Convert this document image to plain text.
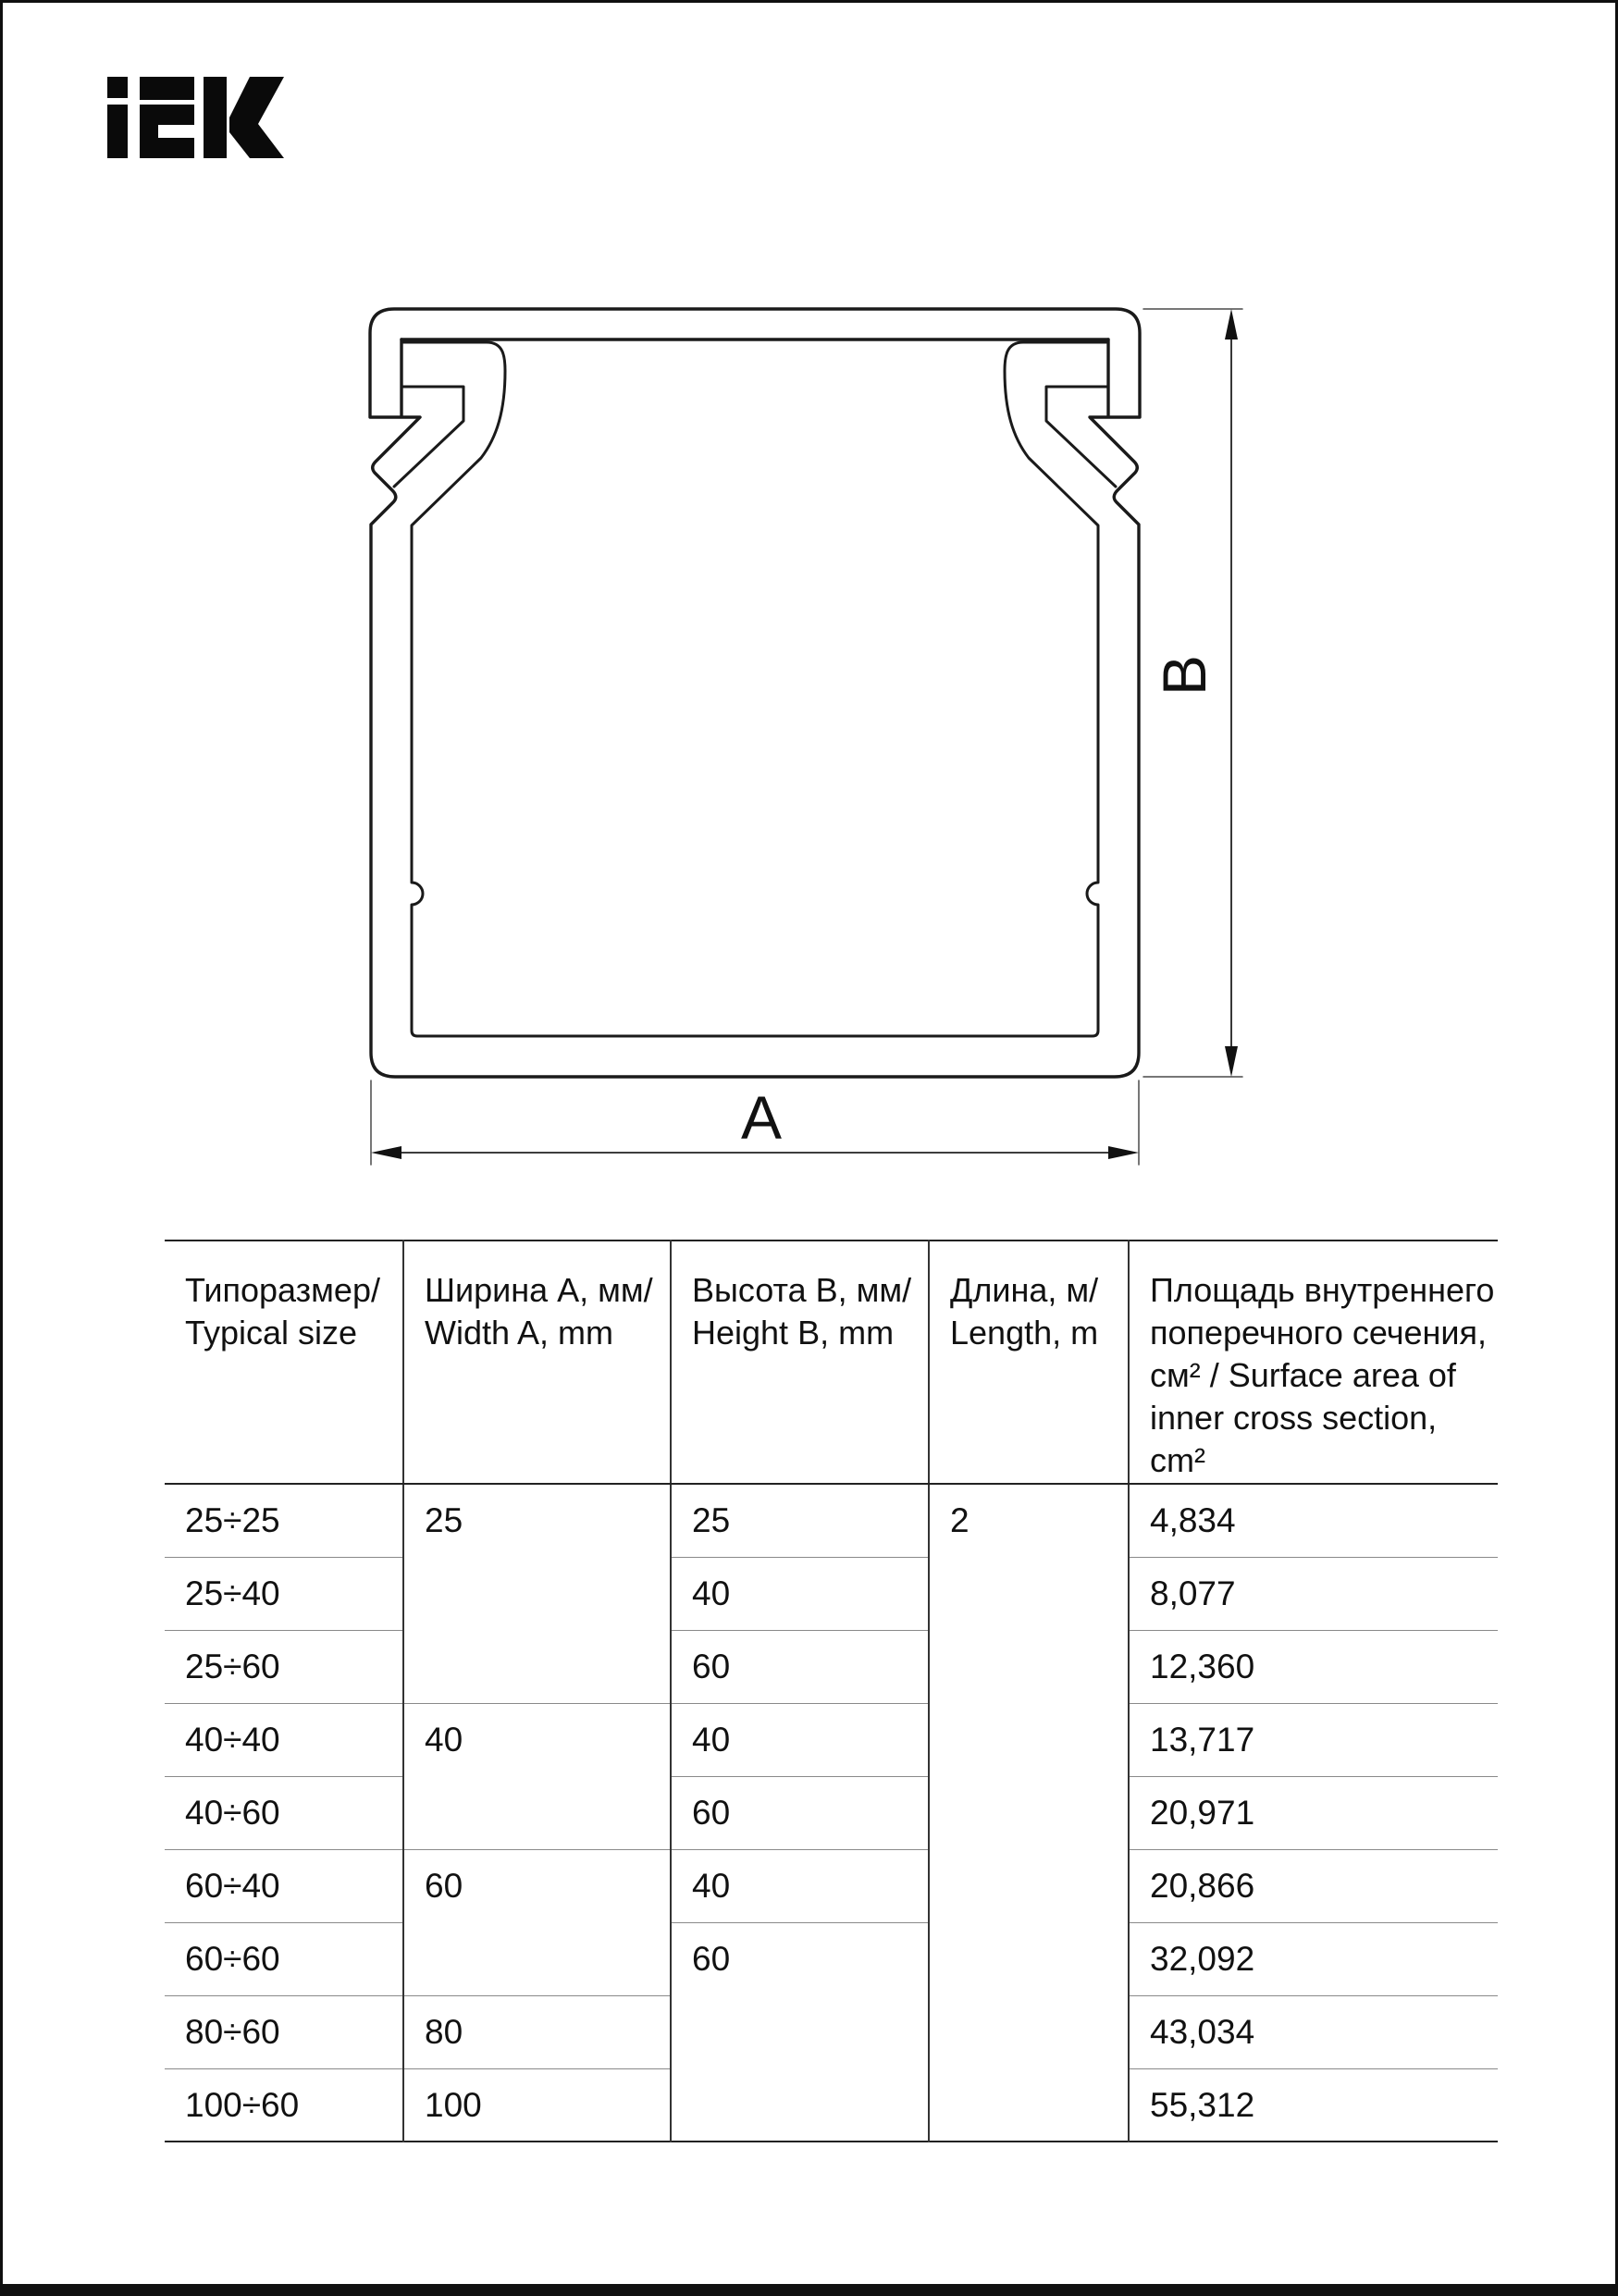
B
A
Типоразмер/
Typical size

Ширина А, мм/
Width A, mm

Высота В, мм/
Height B, mm

Длина, м/
Length, m

Площадь внутреннего
поперечного сечения,
см² / Surface area of
inner cross section,
cm²

25÷25	25	25	2	4,834
25÷40		40		8,077
25÷60		60		12,360
40÷40	40	40		13,717
40÷60		60		20,971
60÷40	60	40		20,866
60÷60		60		32,092
80÷60	80			43,034
100÷60	100			55,312
